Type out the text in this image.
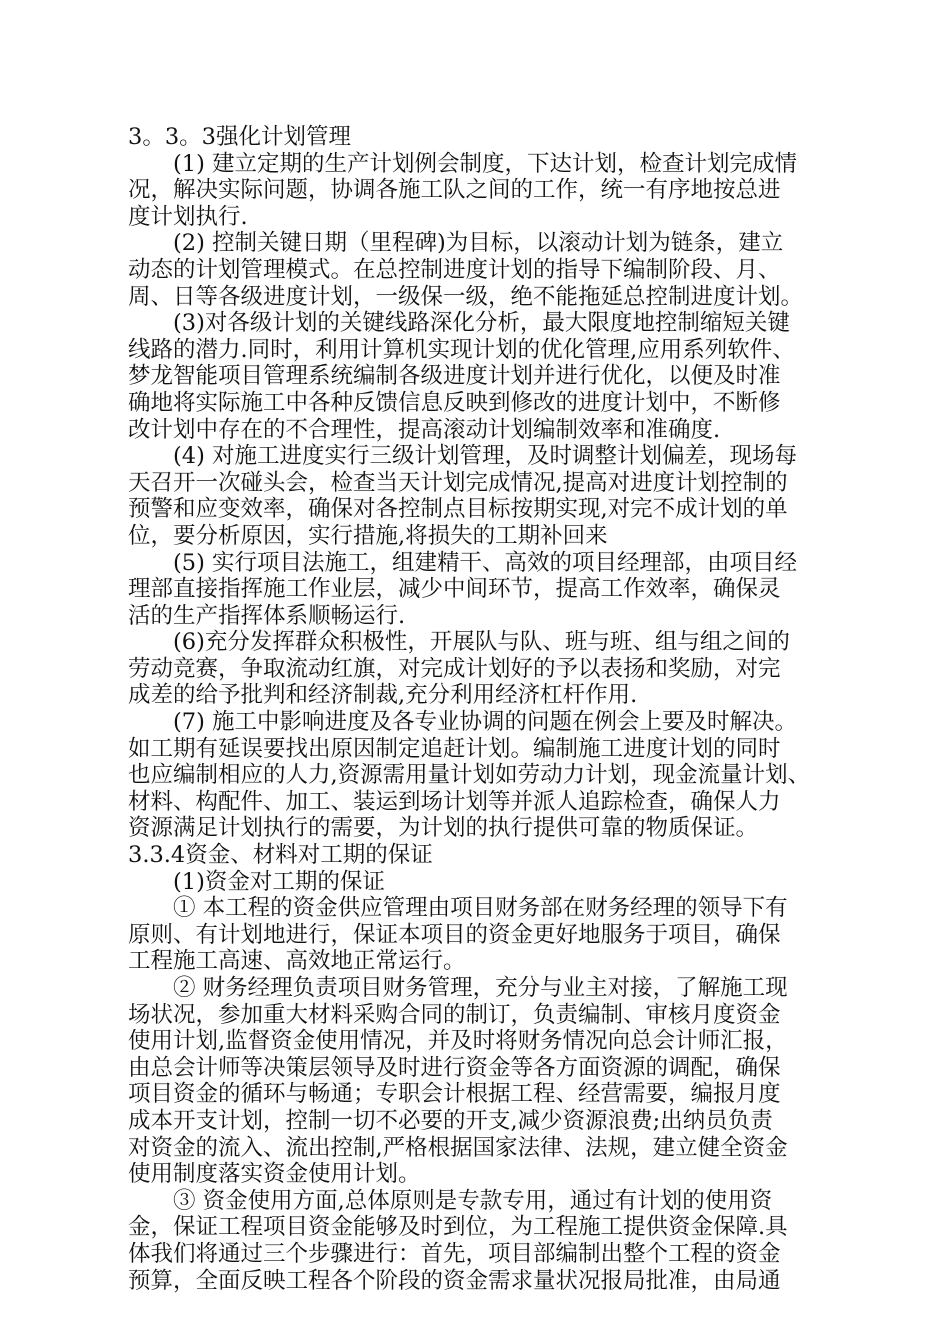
3。3。3强化计划管理
(1) 建立定期的生产计划例会制度，下达计划，检查计划完成情
况，解决实际问题，协调各施工队之间的工作，统一有序地按总进
度计划执行.
(2) 控制关键日期（里程碑)为目标，以滚动计划为链条，建立
动态的计划管理模式。在总控制进度计划的指导下编制阶段、月、
周、日等各级进度计划，一级保一级，绝不能拖延总控制进度计划。
(3)对各级计划的关键线路深化分析，最大限度地控制缩短关键
线路的潜力.同时，利用计算机实现计划的优化管理,应用系列软件、
梦龙智能项目管理系统编制各级进度计划并进行优化，以便及时准
确地将实际施工中各种反馈信息反映到修改的进度计划中，不断修
改计划中存在的不合理性，提高滚动计划编制效率和准确度.
(4) 对施工进度实行三级计划管理，及时调整计划偏差，现场每
天召开一次碰头会，检查当天计划完成情况,提高对进度计划控制的
预警和应变效率，确保对各控制点目标按期实现,对完不成计划的单
位，要分析原因，实行措施,将损失的工期补回来
(5) 实行项目法施工，组建精干、高效的项目经理部，由项目经
理部直接指挥施工作业层，减少中间环节，提高工作效率，确保灵
活的生产指挥体系顺畅运行.
(6)充分发挥群众积极性，开展队与队、班与班、组与组之间的
劳动竞赛，争取流动红旗，对完成计划好的予以表扬和奖励，对完
成差的给予批判和经济制裁,充分利用经济杠杆作用.
(7) 施工中影响进度及各专业协调的问题在例会上要及时解决。
如工期有延误要找出原因制定追赶计划。编制施工进度计划的同时
也应编制相应的人力,资源需用量计划如劳动力计划，现金流量计划、
材料、构配件、加工、装运到场计划等并派人追踪检查，确保人力
资源满足计划执行的需要，为计划的执行提供可靠的物质保证。
3.3.4资金、材料对工期的保证
(1)资金对工期的保证
① 本工程的资金供应管理由项目财务部在财务经理的领导下有
原则、有计划地进行，保证本项目的资金更好地服务于项目，确保
工程施工高速、高效地正常运行。
② 财务经理负责项目财务管理，充分与业主对接，了解施工现
场状况，参加重大材料采购合同的制订，负责编制、审核月度资金
使用计划,监督资金使用情况，并及时将财务情况向总会计师汇报，
由总会计师等决策层领导及时进行资金等各方面资源的调配，确保
项目资金的循环与畅通；专职会计根据工程、经营需要，编报月度
成本开支计划，控制一切不必要的开支,减少资源浪费;出纳员负责
对资金的流入、流出控制,严格根据国家法律、法规，建立健全资金
使用制度落实资金使用计划。
③ 资金使用方面,总体原则是专款专用，通过有计划的使用资
金，保证工程项目资金能够及时到位，为工程施工提供资金保障.具
体我们将通过三个步骤进行：首先，项目部编制出整个工程的资金
预算，全面反映工程各个阶段的资金需求量状况报局批准，由局通
